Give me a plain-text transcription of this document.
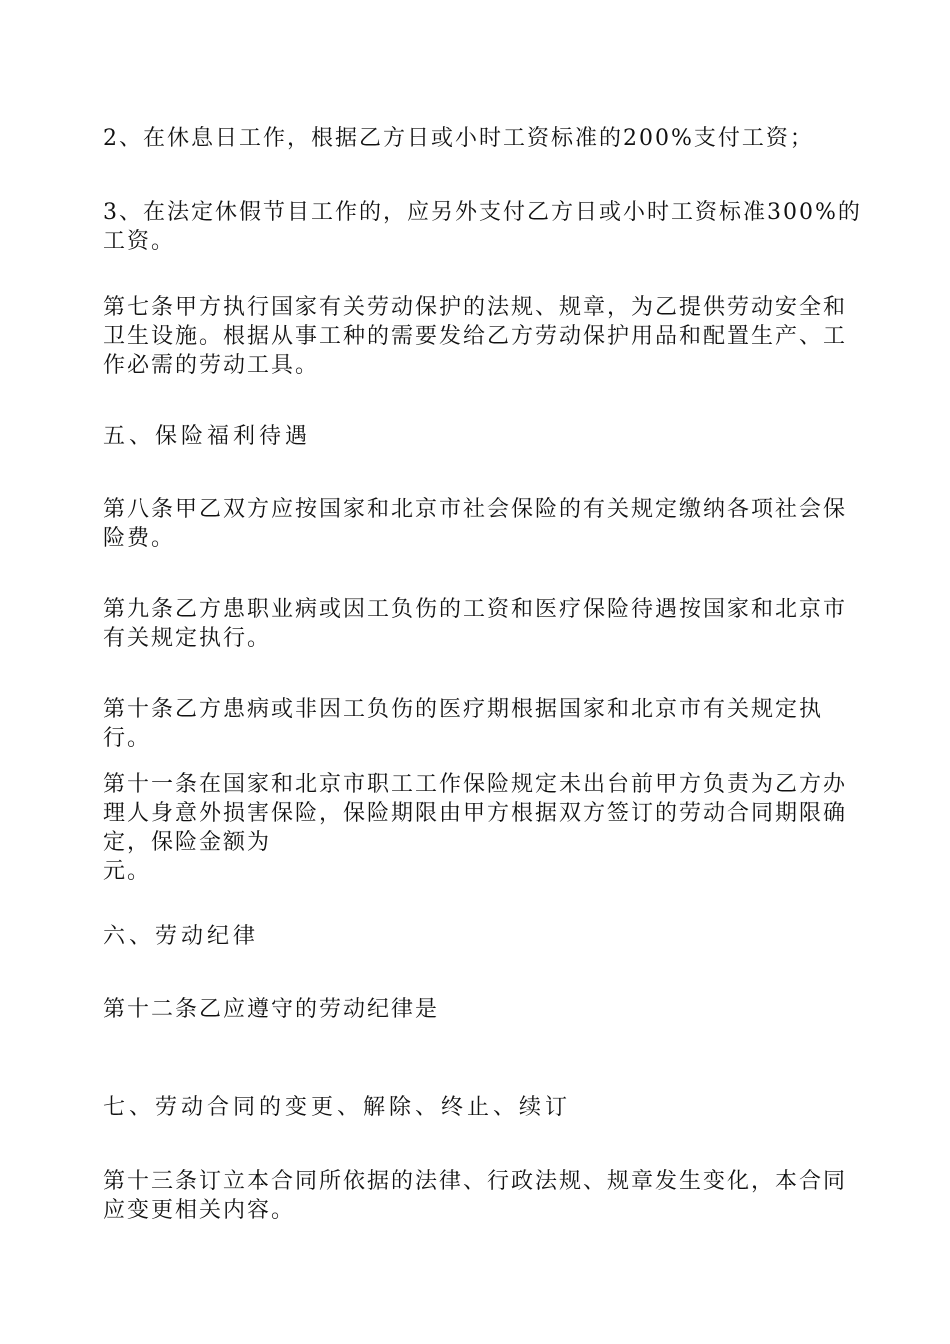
2、在休息日工作，根据乙方日或小时工资标准的200%支付工资；

3、在法定休假节目工作的，应另外支付乙方日或小时工资标准300%的工资。

第七条甲方执行国家有关劳动保护的法规、规章，为乙提供劳动安全和卫生设施。根据从事工种的需要发给乙方劳动保护用品和配置生产、工作必需的劳动工具。

五、保险福利待遇

第八条甲乙双方应按国家和北京市社会保险的有关规定缴纳各项社会保险费。

第九条乙方患职业病或因工负伤的工资和医疗保险待遇按国家和北京市有关规定执行。

第十条乙方患病或非因工负伤的医疗期根据国家和北京市有关规定执行。

第十一条在国家和北京市职工工作保险规定未出台前甲方负责为乙方办理人身意外损害保险，保险期限由甲方根据双方签订的劳动合同期限确定，保险金额为
元。

六、劳动纪律

第十二条乙应遵守的劳动纪律是

七、劳动合同的变更、解除、终止、续订

第十三条订立本合同所依据的法律、行政法规、规章发生变化，本合同应变更相关内容。
